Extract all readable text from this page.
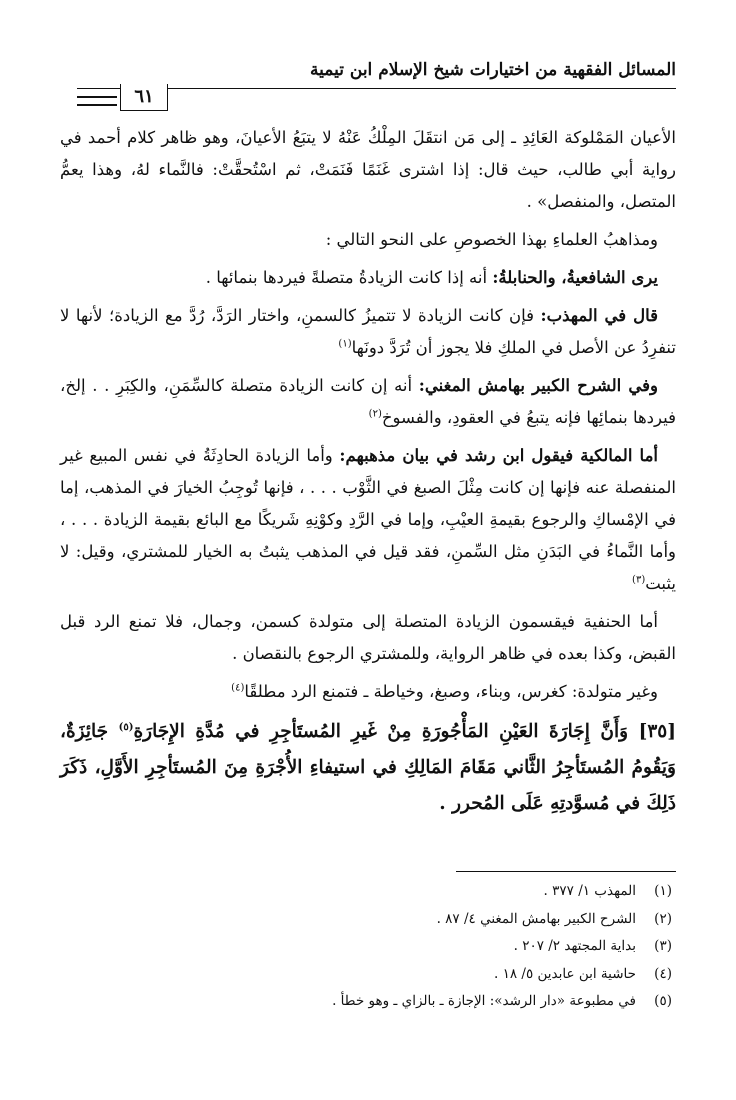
المسائل الفقهية من اختيارات شيخ الإسلام ابن تيمية
٦١

الأعيان المَمْلوكة العَائِدِ ـ إلى مَن انتقَلَ المِلْكُ عَنْهُ لا يتبَعُ الأعيانَ، وهو ظاهر كلام أحمد في رواية أبي طالب، حيث قال: إذا اشترى غَنَمًا فَنَمَتْ، ثم اسْتُحقَّتْ: فالنَّماء لهُ، وهذا يعمُّ المتصل، والمنفصل» .

ومذاهبُ العلماءِ بهذا الخصوصِ على النحو التالي :

يرى الشافعيةُ، والحنابلةُ: أنه إذا كانت الزيادةُ متصلةً فيردها بنمائها .

قال في المهذب: فإن كانت الزيادة لا تتميزُ كالسمنِ، واختار الرَدَّ، رُدَّ مع الزيادة؛ لأنها لا تنفرِدُ عن الأصل في الملكِ فلا يجوز أن تُرَدَّ دونَها$^{(١)}$

وفي الشرح الكبير بهامش المغني: أنه إن كانت الزيادة متصلة كالسِّمَنِ، والكِبَرِ . . إلخ، فيردها بنمائِها فإنه يتبعُ في العقودِ، والفسوخ$^{(٢)}$

أما المالكية فيقول ابن رشد في بيان مذهبهم: وأما الزيادة الحادِثَةُ في نفس المبيع غير المنفصلة عنه فإنها إن كانت مِثْلَ الصبغ في الثَّوْب . . . ، فإنها تُوجِبُ الخيارَ في المذهب، إما في الإمْساكِ والرجوع بقيمةِ العيْبِ، وإما في الرَّدِ وكوْنِهِ شَريكًا مع البائع بقيمة الزيادة . . . ، وأما النَّماءُ في البَدَنِ مثل السِّمنِ، فقد قيل في المذهب يثبتُ به الخيار للمشتري، وقيل: لا يثبت$^{(٣)}$

أما الحنفية فيقسمون الزيادة المتصلة إلى متولدة كسمن، وجمال، فلا تمنع الرد قبل القبض، وكذا بعده في ظاهر الرواية، وللمشتري الرجوع بالنقصان .

وغير متولدة: كغرس، وبناء، وصبغ، وخياطة ـ فتمنع الرد مطلقًا$^{(٤)}$

[٣٥] وَأَنَّ إِجَارَةَ العَيْنِ المَأْجُورَةِ مِنْ غَيرِ المُستَأجِرِ في مُدَّةِ الإِجَارَةِ$^{(٥)}$ جَائِزَةٌ، وَيَقُومُ المُستَأجِرُ الثَّاني مَقَامَ المَالِكِ في استيفاءِ الأُجْرَةِ مِنَ المُستَأجِرِ الأَوَّلِ، ذَكَرَ ذَلِكَ في مُسوَّدتِهِ عَلَى المُحرر .

(١)
المهذب ١/ ٣٧٧ .
(٢)
الشرح الكبير بهامش المغني ٤/ ٨٧ .
(٣)
بداية المجتهد ٢/ ٢٠٧ .
(٤)
حاشية ابن عابدين ٥/ ١٨ .
(٥)
في مطبوعة «دار الرشد»: الإجازة ـ بالزاي ـ وهو خطأ .
